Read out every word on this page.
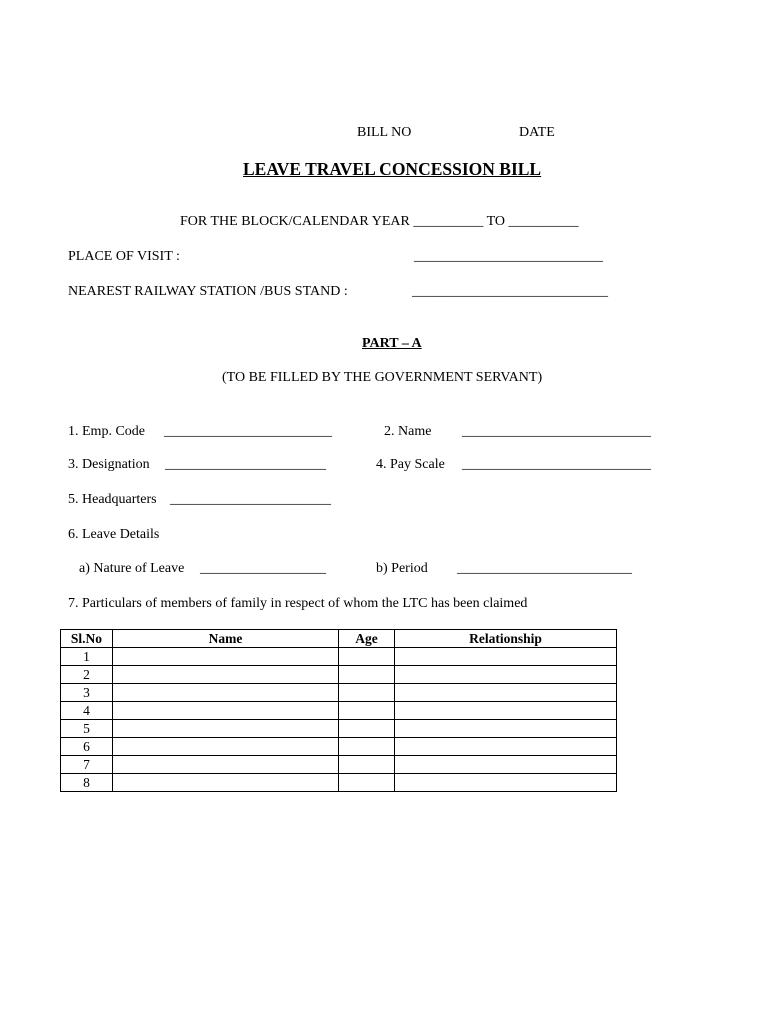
BILL NO	DATE
LEAVE TRAVEL CONCESSION BILL
FOR THE BLOCK/CALENDAR YEAR __________ TO __________
PLACE OF VISIT :	___________________________
NEAREST RAILWAY STATION /BUS STAND :	____________________________
PART – A
(TO BE FILLED BY THE GOVERNMENT SERVANT)
1. Emp. Code ________________________	2. Name ___________________________
3. Designation _______________________	4. Pay Scale ___________________________
5. Headquarters _______________________
6. Leave Details
a) Nature of Leave __________________	b) Period _________________________
7. Particulars of members of family in respect of whom the LTC has been claimed
Sl.No	Name	Age	Relationship
1			
2			
3			
4			
5			
6			
7			
8			
